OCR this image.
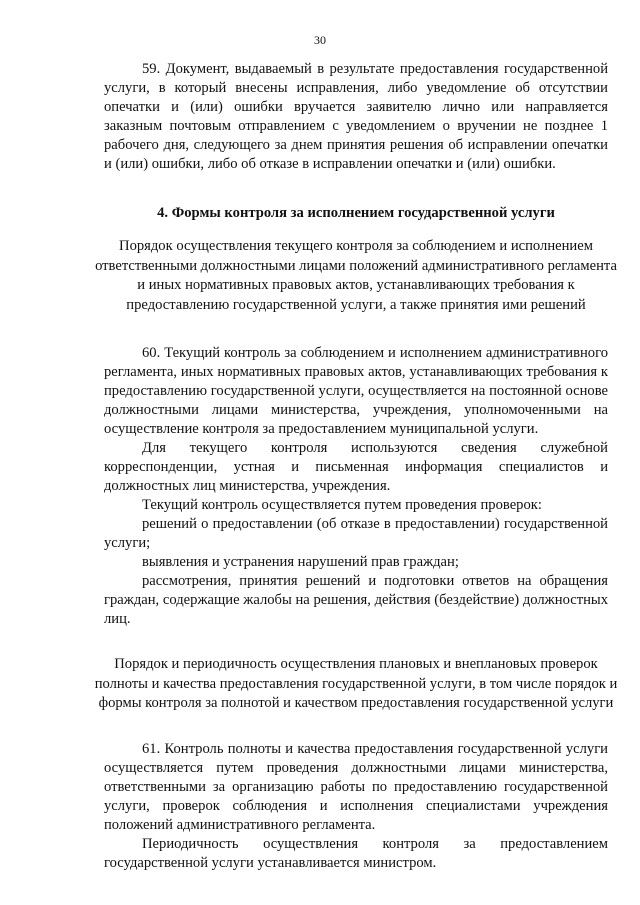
30

59. Документ, выдаваемый в результате предоставления государственной услуги, в который внесены исправления, либо уведомление об отсутствии опечатки и (или) ошибки вручается заявителю лично или направляется заказным почтовым отправлением с уведомлением о вручении не позднее 1 рабочего дня, следующего за днем принятия решения об исправлении опечатки и (или) ошибки, либо об отказе в исправлении опечатки и (или) ошибки.

4. Формы контроля за исполнением государственной услуги
Порядок осуществления текущего контроля за соблюдением и исполнением ответственными должностными лицами положений административного регламента и иных нормативных правовых актов, устанавливающих требования к предоставлению государственной услуги, а также принятия ими решений

60. Текущий контроль за соблюдением и исполнением административного регламента, иных нормативных правовых актов, устанавливающих требования к предоставлению государственной услуги, осуществляется на постоянной основе должностными лицами министерства, учреждения, уполномоченными на осуществление контроля за предоставлением муниципальной услуги.

Для текущего контроля используются сведения служебной корреспонденции, устная и письменная информация специалистов и должностных лиц министерства, учреждения.

Текущий контроль осуществляется путем проведения проверок:

решений о предоставлении (об отказе в предоставлении) государственной услуги;

выявления и устранения нарушений прав граждан;

рассмотрения, принятия решений и подготовки ответов на обращения граждан, содержащие жалобы на решения, действия (бездействие) должностных лиц.

Порядок и периодичность осуществления плановых и внеплановых проверок полноты и качества предоставления государственной услуги, в том числе порядок и формы контроля за полнотой и качеством предоставления государственной услуги

61. Контроль полноты и качества предоставления государственной услуги осуществляется путем проведения должностными лицами министерства, ответственными за организацию работы по предоставлению государственной услуги, проверок соблюдения и исполнения специалистами учреждения положений административного регламента.

Периодичность осуществления контроля за предоставлением государственной услуги устанавливается министром.
